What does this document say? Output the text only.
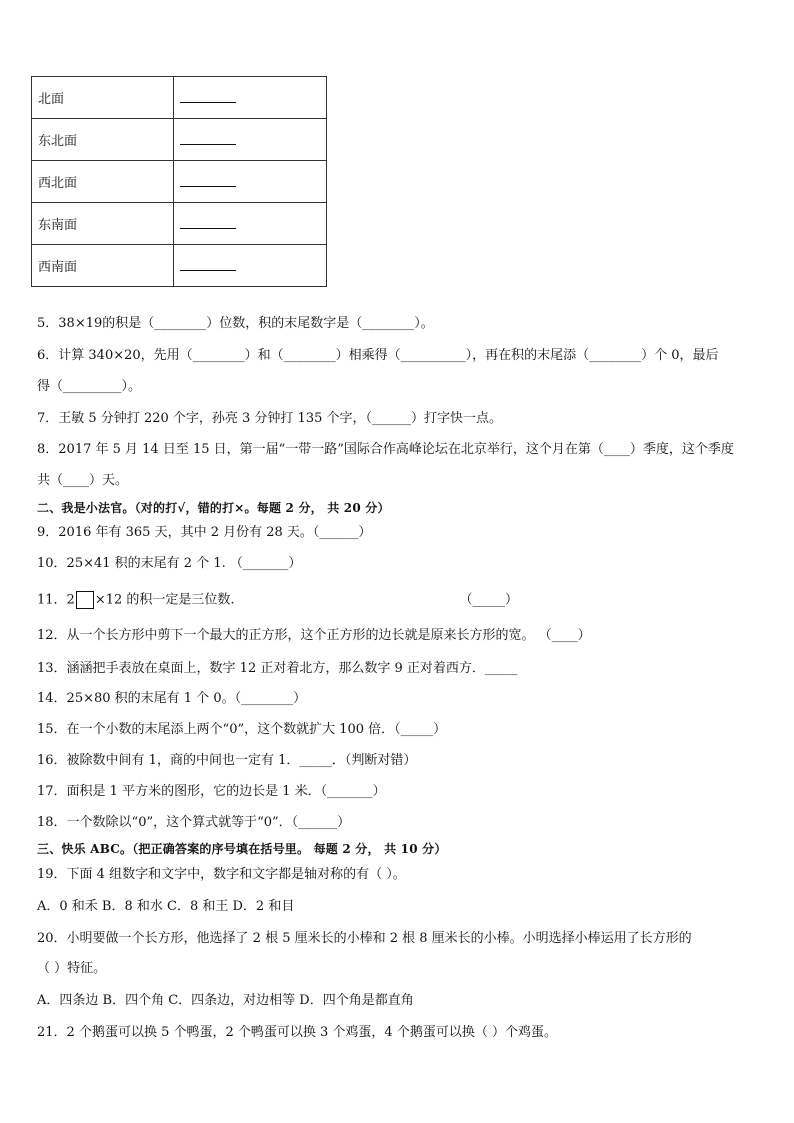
北面	
东北面	
西北面	
东南面	
西南面	
5．38×19的积是（________）位数，积的末尾数字是（________）。
6．计算 340×20，先用（________）和（________）相乘得（__________），再在积的末尾添（________）个 0，最后
得（_________）。
7．王敏 5 分钟打 220 个字，孙亮 3 分钟打 135 个字，（______）打字快一点。
8．2017 年 5 月 14 日至 15 日，第一届“一带一路”国际合作高峰论坛在北京举行，这个月在第（____）季度，这个季度
共（____）天。
二、我是小法官。（对的打√，错的打×。每题 2 分， 共 20 分）
9．2016 年有 365 天，其中 2 月份有 28 天。（______）
10．25×41 积的末尾有 2 个 1. （_______）
11．2 ×12 的积一定是三位数.	（_____）
12．从一个长方形中剪下一个最大的正方形，这个正方形的边长就是原来长方形的宽。 （____）
13．涵涵把手表放在桌面上，数字 12 正对着北方，那么数字 9 正对着西方．_____
14．25×80 积的末尾有 1 个 0。（________）
15．在一个小数的末尾添上两个“0”，这个数就扩大 100 倍．（_____）
16．被除数中间有 1，商的中间也一定有 1．_____．（判断对错）
17．面积是 1 平方米的图形，它的边长是 1 米．（_______）
18．一个数除以“0”，这个算式就等于“0”．（______）
三、快乐 ABC。（把正确答案的序号填在括号里。 每题 2 分， 共 10 分）
19．下面 4 组数字和文字中，数字和文字都是轴对称的有（ ）。
A．0 和禾 B．8 和水 C．8 和王 D．2 和目
20．小明要做一个长方形，他选择了 2 根 5 厘米长的小棒和 2 根 8 厘米长的小棒。小明选择小棒运用了长方形的
（ ）特征。
A．四条边 B．四个角 C．四条边，对边相等 D．四个角是都直角
21．2 个鹅蛋可以换 5 个鸭蛋，2 个鸭蛋可以换 3 个鸡蛋，4 个鹅蛋可以换（ ）个鸡蛋。
